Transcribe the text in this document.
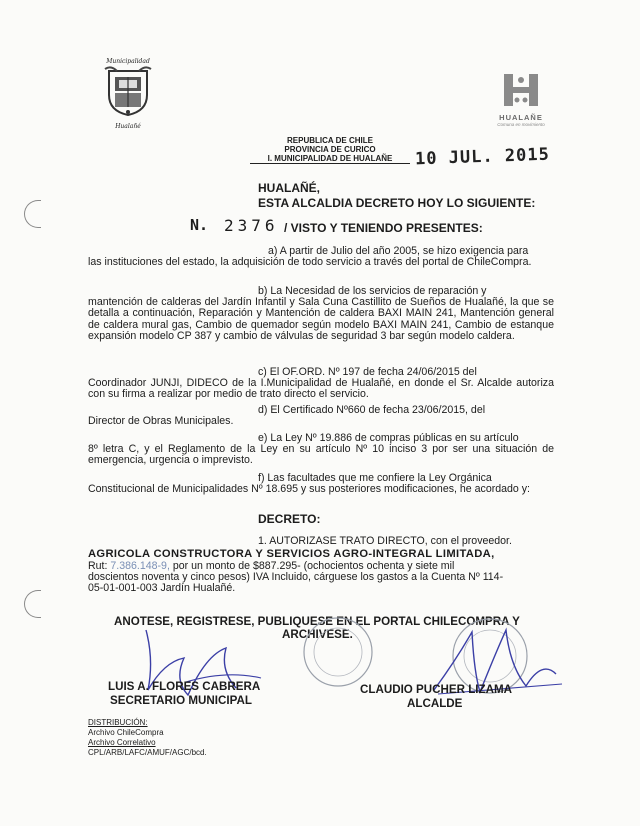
Municipalidad
Hualañé
HUALAÑE
Comuna en movimiento
REPUBLICA DE CHILE
PROVINCIA DE CURICO
I. MUNICIPALIDAD DE HUALAÑE	10 JUL. 2015
HUALAÑÉ,
ESTA ALCALDIA DECRETO HOY LO SIGUIENTE:
N. 2376 / VISTO Y TENIENDO PRESENTES:
a) A partir de Julio del año 2005, se hizo exigencia para
las instituciones del estado, la adquisición de todo servicio a través del portal de ChileCompra.
b) La Necesidad de los servicios de reparación y
mantención de calderas del Jardín Infantil y Sala Cuna Castillito de Sueños de Hualañé, la que se detalla a continuación, Reparación y Mantención de caldera BAXI MAIN 241, Mantención general de caldera mural gas, Cambio de quemador según modelo BAXI MAIN 241, Cambio de estanque expansión modelo CP 387 y cambio de válvulas de seguridad 3 bar según modelo caldera.
c) El OF.ORD. Nº 197 de fecha 24/06/2015 del
Coordinador JUNJI, DIDECO de la I.Municipalidad de Hualañé, en donde el Sr. Alcalde autoriza con su firma a realizar por medio de trato directo el servicio.
d) El Certificado Nº660 de fecha 23/06/2015, del
Director de Obras Municipales.
e) La Ley Nº 19.886 de compras públicas en su artículo
8º letra C, y el Reglamento de la Ley en su artículo Nº 10 inciso 3 por ser una situación de emergencia, urgencia o imprevisto.
f) Las facultades que me confiere la Ley Orgánica
Constitucional de Municipalidades Nº 18.695 y sus posteriores modificaciones, he acordado y:
DECRETO:
1. AUTORIZASE TRATO DIRECTO, con el proveedor.
AGRICOLA CONSTRUCTORA Y SERVICIOS AGRO-INTEGRAL LIMITADA,
Rut: 7.386.148-9, por un monto de $887.295- (ochocientos ochenta y siete mil
doscientos noventa y cinco pesos) IVA Incluido, cárguese los gastos a la Cuenta Nº 114-
05-01-001-003 Jardín Hualañé.
ANOTESE, REGISTRESE, PUBLIQUESE EN EL PORTAL CHILECOMPRA Y
ARCHIVESE.
LUIS A. FLORES CABRERA
SECRETARIO MUNICIPAL
CLAUDIO PUCHER LIZAMA
ALCALDE
DISTRIBUCIÓN:
Archivo ChileCompra
Archivo Correlativo
CPL/ARB/LAFC/AMUF/AGC/bcd.
